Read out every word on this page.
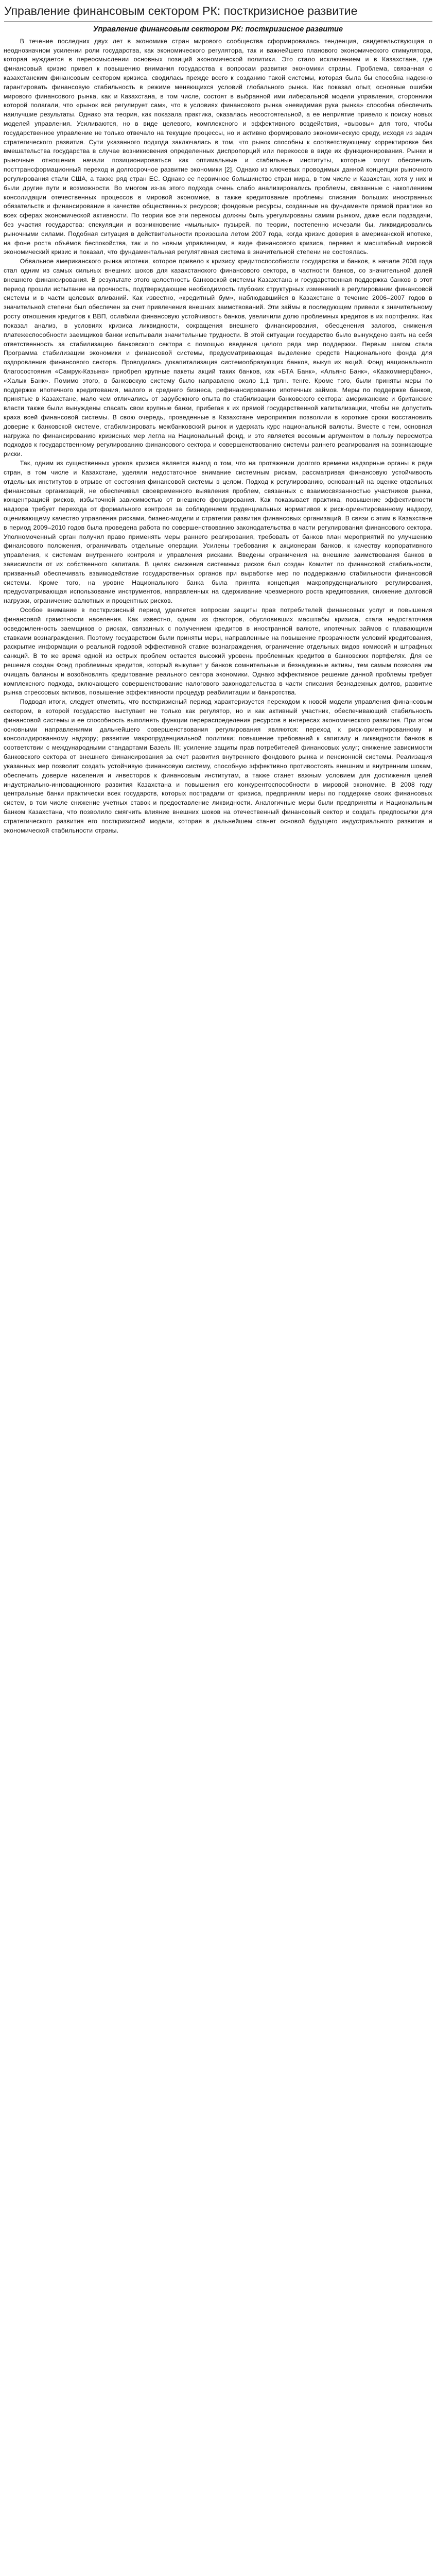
Управление финансовым сектором РК: посткризисное развитие
Управление финансовым сектором РК: посткризисное развитие

В течение последних двух лет в экономике стран мирового сообщества сформировалась тенденция, свидетельствующая о неоднозначном усилении роли государства, как экономического регулятора, так и важнейшего планового экономического стимулятора, которая нуждается в переосмыслении основных позиций экономической политики. Это стало исключением и в Казахстане, где финансовый кризис привел к повышению внимания государства к вопросам развития экономики страны. Проблема, связанная с казахстанским финансовым сектором кризиса, сводилась прежде всего к созданию такой системы, которая была бы способна надежно гарантировать финансовую стабильность в режиме меняющихся условий глобального рынка. Как показал опыт, основные ошибки мирового финансового рынка, как и Казахстана, в том числе, состоят в выбранной ими либеральной модели управления, сторонники которой полагали, что «рынок всё регулирует сам», что в условиях финансового рынка «невидимая рука рынка» способна обеспечить наилучшие результаты. Однако эта теория, как показала практика, оказалась несостоятельной, а ее неприятие привело к поиску новых моделей управления. Усиливаются, но в виде целевого, комплексного и эффективного воздействия, «вызовы» для того, чтобы государственное управление не только отвечало на текущие процессы, но и активно формировало экономическую среду, исходя из задач стратегического развития. Сути указанного подхода заключалась в том, что рынок способны к соответствующему корректировке без вмешательства государства в случае возникновения определенных диспропорций или перекосов в виде их функционирования. Рынки и рыночные отношения начали позиционироваться как оптимальные и стабильные институты, которые могут обеспечить посттрансформационный переход и долгосрочное развитие экономики [2]. Однако из ключевых проводимых данной концепции рыночного регулирования стали США, а также ряд стран ЕС. Однако ее первичное большинство стран мира, в том числе и Казахстан, хотя у них и были другие пути и возможности. Во многом из-за этого подхода очень слабо анализировались проблемы, связанные с накоплением консолидации отечественных процессов в мировой экономике, а также кредитование проблемы списания больших иностранных обязательств и финансирование в качестве общественных ресурсов; фондовые ресурсы, созданные на фундаменте прямой практике во всех сферах экономической активности. По теории все эти переносы должны быть урегулированы самим рынком, даже если подзадачи, без участия государства: спекуляции и возникновение «мыльных» пузырей, по теории, постепенно исчезали бы, ликвидировались рыночными силами. Подобная ситуация в действительности произошла летом 2007 года, когда кризис доверия в американской ипотеке, на фоне роста объёмов беспокойства, так и по новым управленцам, в виде финансового кризиса, перевел в масштабный мировой экономический кризис и показал, что фундаментальная регулятивная система в значительной степени не состоялась.

Обвальное американского рынка ипотеки, которое привело к кризису кредитоспособности государства и банков, в начале 2008 года стал одним из самых сильных внешних шоков для казахстанского финансового сектора, в частности банков, со значительной долей внешнего финансирования. В результате этого целостность банковской системы Казахстана и государственная поддержка банков в этот период прошли испытание на прочность, подтверждающее необходимость глубоких структурных изменений в регулировании финансовой системы и в части целевых вливаний. Как известно, «кредитный бум», наблюдавшийся в Казахстане в течение 2006–2007 годов в значительной степени был обеспечен за счет привлечения внешних заимствований. Эти займы в последующем привели к значительному росту отношения кредитов к ВВП, ослабили финансовую устойчивость банков, увеличили долю проблемных кредитов в их портфелях. Как показал анализ, в условиях кризиса ликвидности, сокращения внешнего финансирования, обесценения залогов, снижения платежеспособности заемщиков банки испытывали значительные трудности. В этой ситуации государство было вынуждено взять на себя ответственность за стабилизацию банковского сектора с помощью введения целого ряда мер поддержки. Первым шагом стала Программа стабилизации экономики и финансовой системы, предусматривающая выделение средств Национального фонда для оздоровления финансового сектора. Проводилась докапитализация системообразующих банков, выкуп их акций. Фонд национального благосостояния «Самрук-Казына» приобрел крупные пакеты акций таких банков, как «БТА Банк», «Альянс Банк», «Казкоммерцбанк», «Халык Банк». Помимо этого, в банковскую систему было направлено около 1,1 трлн. тенге. Кроме того, были приняты меры по поддержке ипотечного кредитования, малого и среднего бизнеса, рефинансированию ипотечных займов. Меры по поддержке банков, принятые в Казахстане, мало чем отличались от зарубежного опыта по стабилизации банковского сектора: американские и британские власти также были вынуждены спасать свои крупные банки, прибегая к их прямой государственной капитализации, чтобы не допустить краха всей финансовой системы. В свою очередь, проведенные в Казахстане мероприятия позволили в короткие сроки восстановить доверие к банковской системе, стабилизировать межбанковский рынок и удержать курс национальной валюты. Вместе с тем, основная нагрузка по финансированию кризисных мер легла на Национальный фонд, и это является весомым аргументом в пользу пересмотра подходов к государственному регулированию финансового сектора и совершенствованию системы раннего реагирования на возникающие риски.

Так, одним из существенных уроков кризиса является вывод о том, что на протяжении долгого времени надзорные органы в ряде стран, в том числе и Казахстане, уделяли недостаточное внимание системным рискам, рассматривая финансовую устойчивость отдельных институтов в отрыве от состояния финансовой системы в целом. Подход к регулированию, основанный на оценке отдельных финансовых организаций, не обеспечивал своевременного выявления проблем, связанных с взаимосвязанностью участников рынка, концентрацией рисков, избыточной зависимостью от внешнего фондирования. Как показывает практика, повышение эффективности надзора требует перехода от формального контроля за соблюдением пруденциальных нормативов к риск-ориентированному надзору, оценивающему качество управления рисками, бизнес-модели и стратегии развития финансовых организаций. В связи с этим в Казахстане в период 2009–2010 годов была проведена работа по совершенствованию законодательства в части регулирования финансового сектора. Уполномоченный орган получил право применять меры раннего реагирования, требовать от банков план мероприятий по улучшению финансового положения, ограничивать отдельные операции. Усилены требования к акционерам банков, к качеству корпоративного управления, к системам внутреннего контроля и управления рисками. Введены ограничения на внешние заимствования банков в зависимости от их собственного капитала. В целях снижения системных рисков был создан Комитет по финансовой стабильности, призванный обеспечивать взаимодействие государственных органов при выработке мер по поддержанию стабильности финансовой системы. Кроме того, на уровне Национального банка была принята концепция макропруденциального регулирования, предусматривающая использование инструментов, направленных на сдерживание чрезмерного роста кредитования, снижение долговой нагрузки, ограничение валютных и процентных рисков.

Особое внимание в посткризисный период уделяется вопросам защиты прав потребителей финансовых услуг и повышения финансовой грамотности населения. Как известно, одним из факторов, обусловивших масштабы кризиса, стала недостаточная осведомленность заемщиков о рисках, связанных с получением кредитов в иностранной валюте, ипотечных займов с плавающими ставками вознаграждения. Поэтому государством были приняты меры, направленные на повышение прозрачности условий кредитования, раскрытие информации о реальной годовой эффективной ставке вознаграждения, ограничение отдельных видов комиссий и штрафных санкций. В то же время одной из острых проблем остается высокий уровень проблемных кредитов в банковских портфелях. Для ее решения создан Фонд проблемных кредитов, который выкупает у банков сомнительные и безнадежные активы, тем самым позволяя им очищать балансы и возобновлять кредитование реального сектора экономики. Однако эффективное решение данной проблемы требует комплексного подхода, включающего совершенствование налогового законодательства в части списания безнадежных долгов, развитие рынка стрессовых активов, повышение эффективности процедур реабилитации и банкротства.

Подводя итоги, следует отметить, что посткризисный период характеризуется переходом к новой модели управления финансовым сектором, в которой государство выступает не только как регулятор, но и как активный участник, обеспечивающий стабильность финансовой системы и ее способность выполнять функции перераспределения ресурсов в интересах экономического развития. При этом основными направлениями дальнейшего совершенствования регулирования являются: переход к риск-ориентированному и консолидированному надзору; развитие макропруденциальной политики; повышение требований к капиталу и ликвидности банков в соответствии с международными стандартами Базель III; усиление защиты прав потребителей финансовых услуг; снижение зависимости банковского сектора от внешнего финансирования за счет развития внутреннего фондового рынка и пенсионной системы. Реализация указанных мер позволит создать устойчивую финансовую систему, способную эффективно противостоять внешним и внутренним шокам, обеспечить доверие населения и инвесторов к финансовым институтам, а также станет важным условием для достижения целей индустриально-инновационного развития Казахстана и повышения его конкурентоспособности в мировой экономике. В 2008 году центральные банки практически всех государств, которых пострадали от кризиса, предприняли меры по поддержке своих финансовых систем, в том числе снижение учетных ставок и предоставление ликвидности. Аналогичные меры были предприняты и Национальным банком Казахстана, что позволило смягчить влияние внешних шоков на отечественный финансовый сектор и создать предпосылки для стратегического развития его посткризисной модели, которая в дальнейшем станет основой будущего индустриального развития и экономической стабильности страны.
